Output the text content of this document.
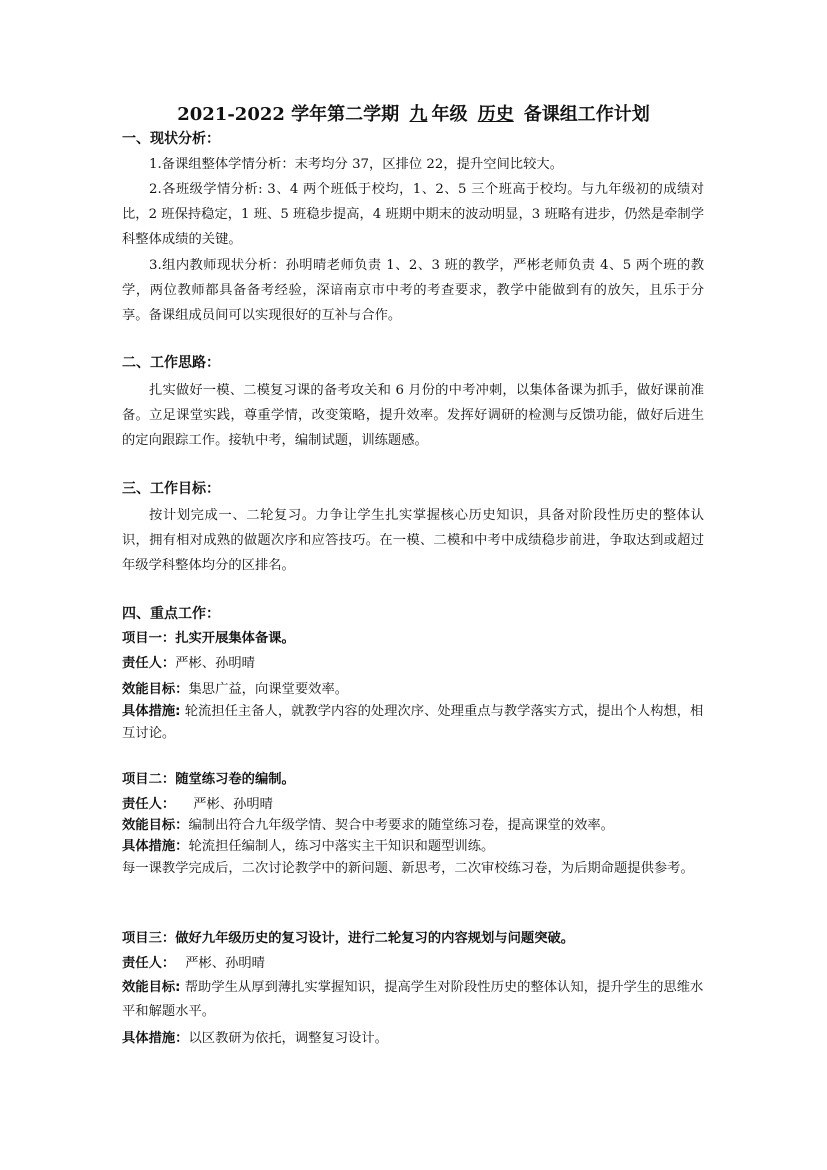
2021-2022 学年第二学期 九 年级 历史 备课组工作计划
一、现状分析：

1.备课组整体学情分析：末考均分 37，区排位 22，提升空间比较大。

2.各班级学情分析: 3、4 两个班低于校均，1、2、5 三个班高于校均。与九年级初的成绩对比，2 班保持稳定，1 班、5 班稳步提高，4 班期中期末的波动明显，3 班略有进步，仍然是牵制学科整体成绩的关键。

3.组内教师现状分析：孙明晴老师负责 1、2、3 班的教学，严彬老师负责 4、5 两个班的教学，两位教师都具备备考经验，深谙南京市中考的考查要求，教学中能做到有的放矢，且乐于分享。备课组成员间可以实现很好的互补与合作。

二、工作思路：

扎实做好一模、二模复习课的备考攻关和 6 月份的中考冲刺，以集体备课为抓手，做好课前准备。立足课堂实践，尊重学情，改变策略，提升效率。发挥好调研的检测与反馈功能，做好后进生的定向跟踪工作。接轨中考，编制试题，训练题感。

三、工作目标：

按计划完成一、二轮复习。力争让学生扎实掌握核心历史知识，具备对阶段性历史的整体认识，拥有相对成熟的做题次序和应答技巧。在一模、二模和中考中成绩稳步前进，争取达到或超过年级学科整体均分的区排名。

四、重点工作：
项目一：扎实开展集体备课。
责任人：严彬、孙明晴
效能目标：集思广益，向课堂要效率。
具体措施: 轮流担任主备人，就教学内容的处理次序、处理重点与教学落实方式，提出个人构想，相互讨论。
项目二：随堂练习卷的编制。
责任人： 严彬、孙明晴
效能目标：编制出符合九年级学情、契合中考要求的随堂练习卷，提高课堂的效率。
具体措施：轮流担任编制人，练习中落实主干知识和题型训练。
每一课教学完成后，二次讨论教学中的新问题、新思考，二次审校练习卷，为后期命题提供参考。
项目三：做好九年级历史的复习设计，进行二轮复习的内容规划与问题突破。
责任人： 严彬、孙明晴
效能目标: 帮助学生从厚到薄扎实掌握知识，提高学生对阶段性历史的整体认知，提升学生的思维水平和解题水平。
具体措施：以区教研为依托，调整复习设计。
